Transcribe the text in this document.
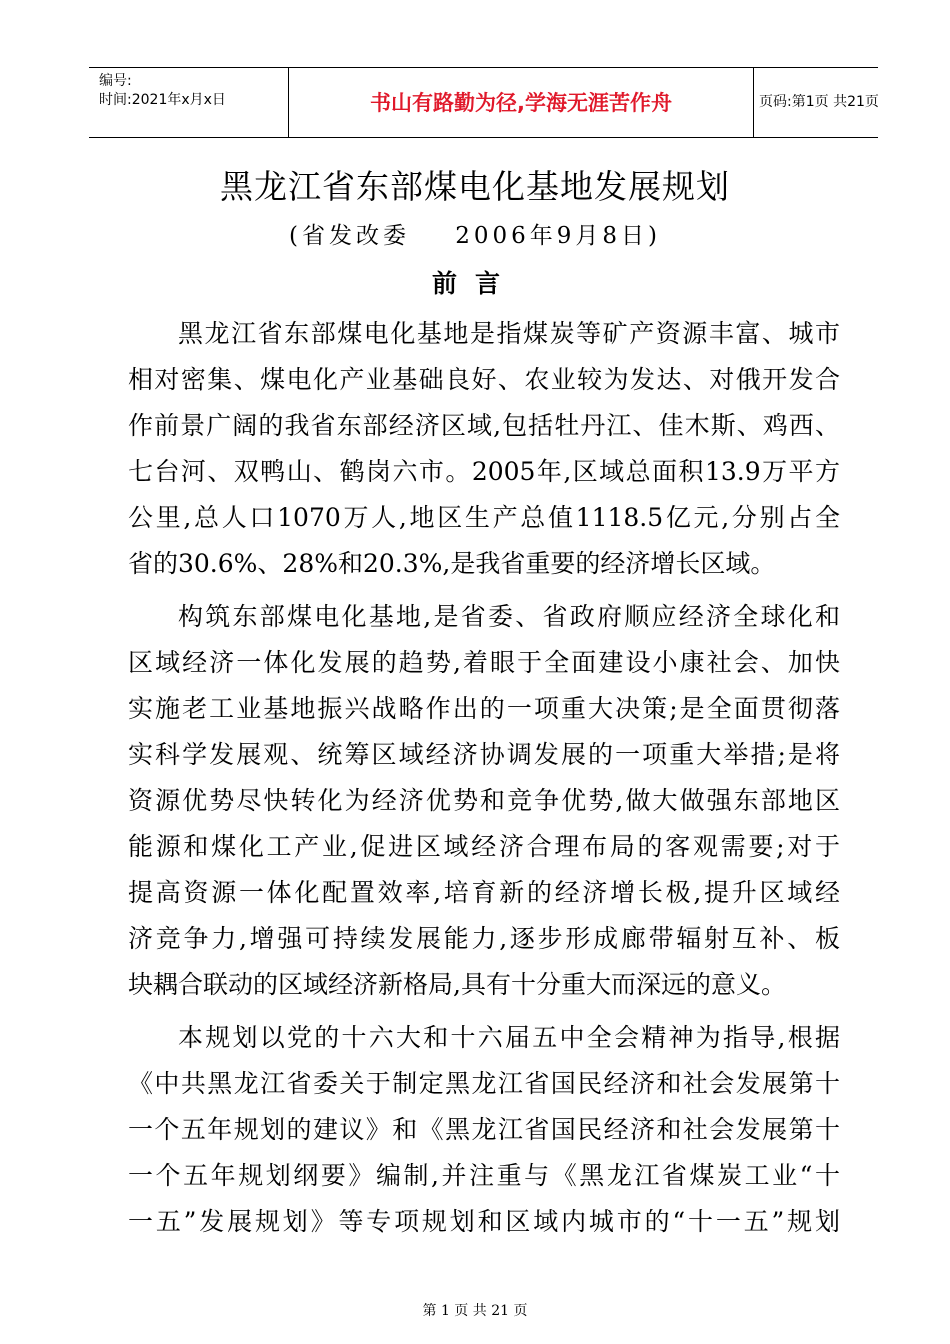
编号:
时间:2021年x月x日	书山有路勤为径,学海无涯苦作舟	页码:第1页 共21页
黑龙江省东部煤电化基地发展规划
(省发改委    2006年9月8日)
前言
黑龙江省东部煤电化基地是指煤炭等矿产资源丰富、城市
相对密集、煤电化产业基础良好、农业较为发达、对俄开发合
作前景广阔的我省东部经济区域,包括牡丹江、佳木斯、鸡西、
七台河、双鸭山、鹤岗六市。2005年,区域总面积13.9万平方
公里,总人口1070万人,地区生产总值1118.5亿元,分别占全
省的30.6%、28%和20.3%,是我省重要的经济增长区域。
构筑东部煤电化基地,是省委、省政府顺应经济全球化和
区域经济一体化发展的趋势,着眼于全面建设小康社会、加快
实施老工业基地振兴战略作出的一项重大决策;是全面贯彻落
实科学发展观、统筹区域经济协调发展的一项重大举措;是将
资源优势尽快转化为经济优势和竞争优势,做大做强东部地区
能源和煤化工产业,促进区域经济合理布局的客观需要;对于
提高资源一体化配置效率,培育新的经济增长极,提升区域经
济竞争力,增强可持续发展能力,逐步形成廊带辐射互补、板
块耦合联动的区域经济新格局,具有十分重大而深远的意义。
本规划以党的十六大和十六届五中全会精神为指导,根据
《中共黑龙江省委关于制定黑龙江省国民经济和社会发展第十
一个五年规划的建议》和《黑龙江省国民经济和社会发展第十
一个五年规划纲要》编制,并注重与《黑龙江省煤炭工业“十
一五”发展规划》等专项规划和区域内城市的“十一五”规划
第 1 页 共 21 页
